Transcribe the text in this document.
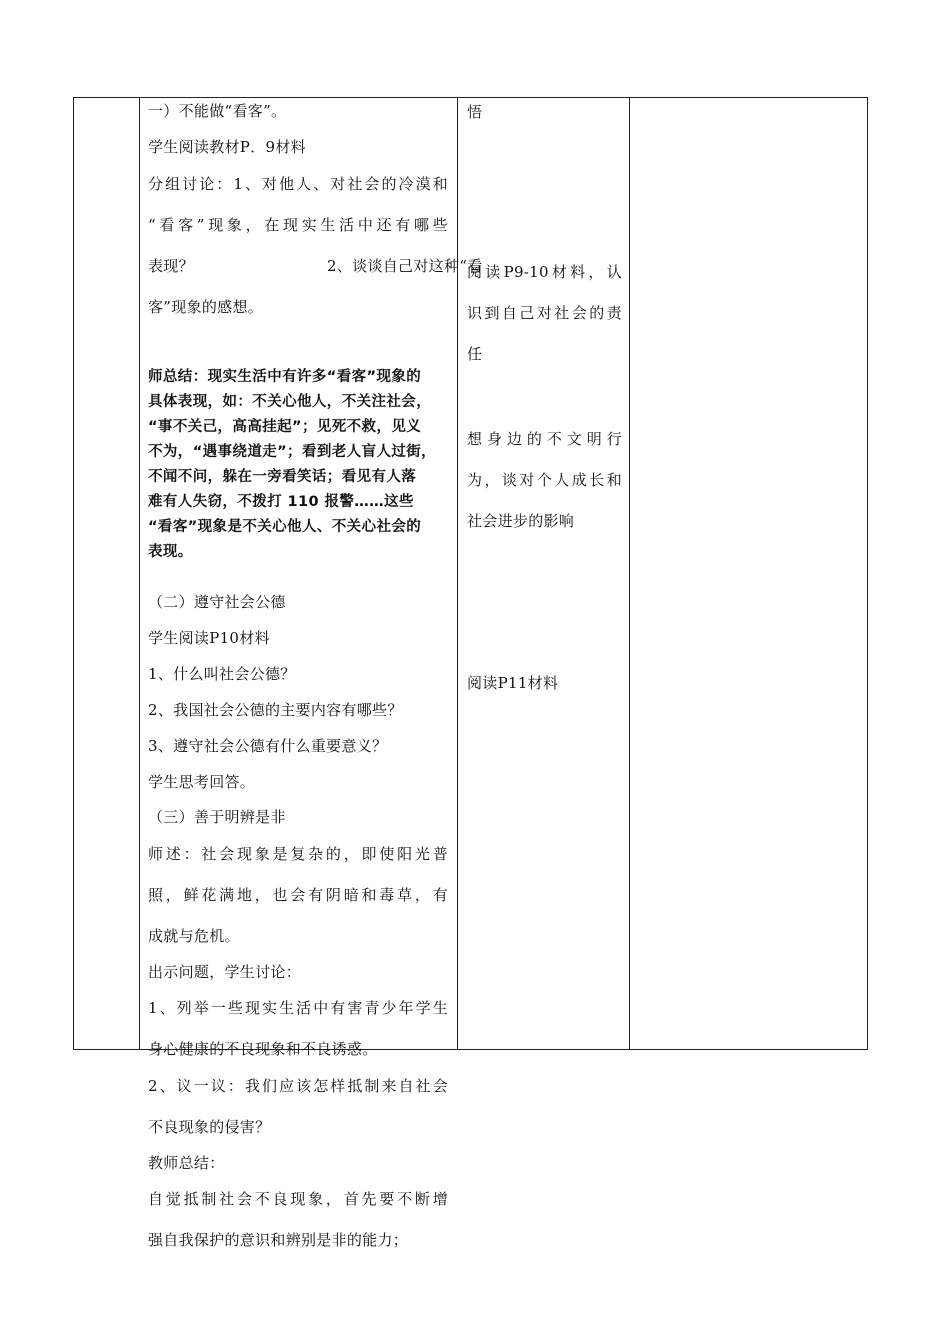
一）不能做“看客”。
学生阅读教材P．9材料
分组讨论：1、对他人、对社会的冷漠和
“看客”现象，在现实生活中还有哪些
表现？	2、谈谈自己对这种“看
客”现象的感想。
师总结：现实生活中有许多“看客”现象的
具体表现，如：不关心他人，不关注社会，
“事不关己，高高挂起”；见死不救，见义
不为，“遇事绕道走”；看到老人盲人过街，
不闻不问，躲在一旁看笑话；看见有人落
难有人失窃，不拨打 110 报警……这些
“看客”现象是不关心他人、不关心社会的
表现。
（二）遵守社会公德
学生阅读P10材料
1、什么叫社会公德？
2、我国社会公德的主要内容有哪些？
3、遵守社会公德有什么重要意义？
学生思考回答。
（三）善于明辨是非
师述：社会现象是复杂的，即使阳光普
照，鲜花满地，也会有阴暗和毒草，有
成就与危机。
出示问题，学生讨论：
1、列举一些现实生活中有害青少年学生
身心健康的不良现象和不良诱惑。
2、议一议：我们应该怎样抵制来自社会
不良现象的侵害？
教师总结：
自觉抵制社会不良现象，首先要不断增
强自我保护的意识和辨别是非的能力；
悟
阅读P9-10材料，认
识到自己对社会的责
任
想身边的不文明行
为，谈对个人成长和
社会进步的影响
阅读P11材料
